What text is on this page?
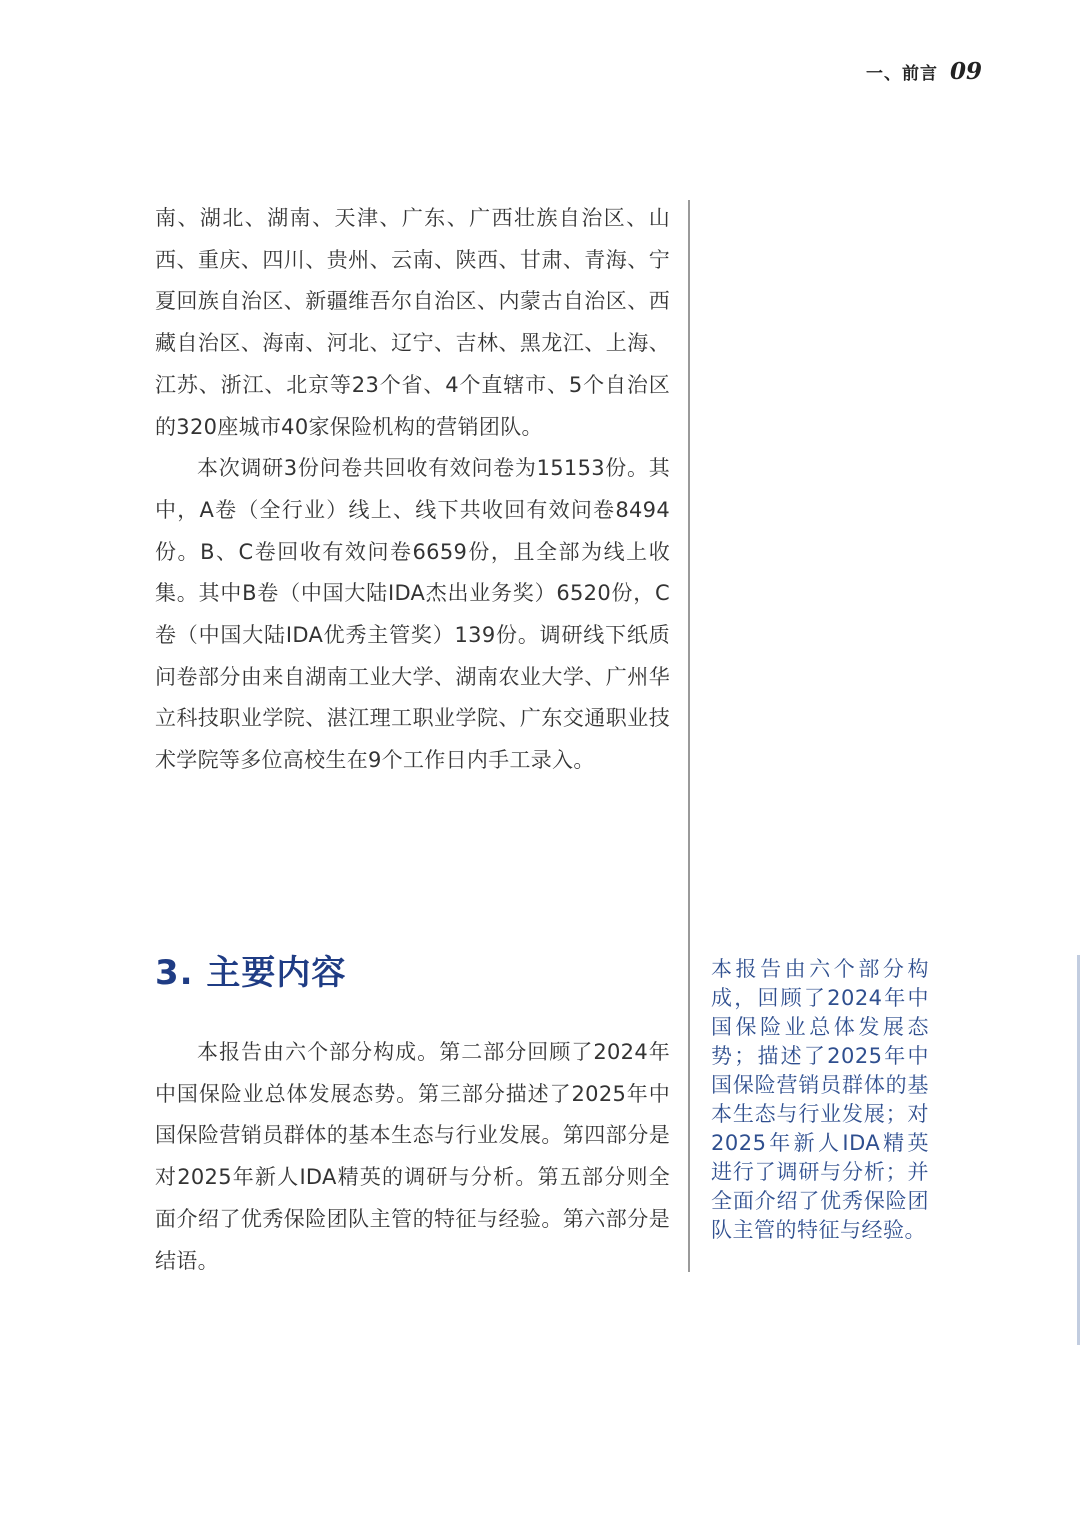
一、前言 09

南、湖北、湖南、天津、广东、广西壮族自治区、山西、重庆、四川、贵州、云南、陕西、甘肃、青海、宁夏回族自治区、新疆维吾尔自治区、内蒙古自治区、西藏自治区、海南、河北、辽宁、吉林、黑龙江、上海、江苏、浙江、北京等23个省、4个直辖市、5个自治区的320座城市40家保险机构的营销团队。

本次调研3份问卷共回收有效问卷为15153份。其中，A卷（全行业）线上、线下共收回有效问卷8494份。B、C卷回收有效问卷6659份，且全部为线上收集。其中B卷（中国大陆IDA杰出业务奖）6520份，C卷（中国大陆IDA优秀主管奖）139份。调研线下纸质问卷部分由来自湖南工业大学、湖南农业大学、广州华立科技职业学院、湛江理工职业学院、广东交通职业技术学院等多位高校生在9个工作日内手工录入。

3. 主要内容

本报告由六个部分构成。第二部分回顾了2024年中国保险业总体发展态势。第三部分描述了2025年中国保险营销员群体的基本生态与行业发展。第四部分是对2025年新人IDA精英的调研与分析。第五部分则全面介绍了优秀保险团队主管的特征与经验。第六部分是结语。

本报告由六个部分构成，回顾了2024年中国保险业总体发展态势；描述了2025年中国保险营销员群体的基本生态与行业发展；对2025年新人IDA精英进行了调研与分析；并全面介绍了优秀保险团队主管的特征与经验。
